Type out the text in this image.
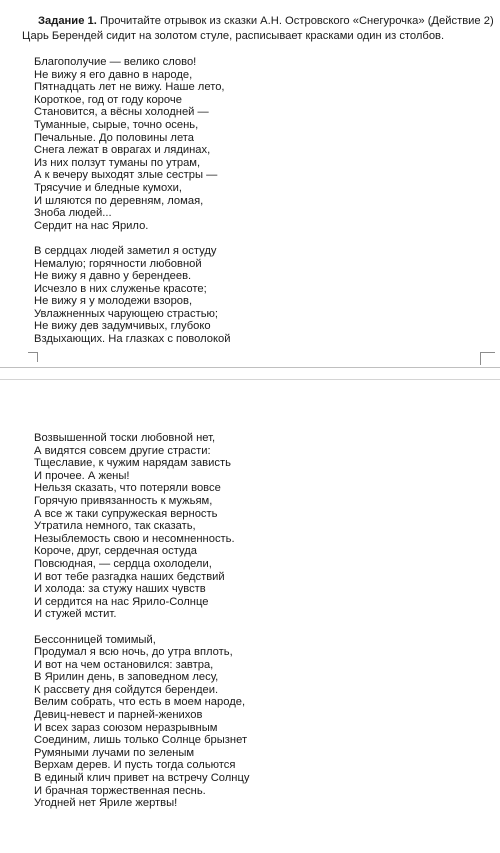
Задание 1. Прочитайте отрывок из сказки А.Н. Островского «Снегурочка» (Действие 2)
Царь Берендей сидит на золотом стуле, расписывает красками один из столбов.
Благополучие — велико слово!
Не вижу я его давно в народе,
Пятнадцать лет не вижу. Наше лето,
Короткое, год от году короче
Становится, а вёсны холодней —
Туманные, сырые, точно осень,
Печальные. До половины лета
Снега лежат в оврагах и лядинах,
Из них ползут туманы по утрам,
А к вечеру выходят злые сестры —
Трясучие и бледные кумохи,
И шляются по деревням, ломая,
Зноба людей...
Сердит на нас Ярило.
В сердцах людей заметил я остуду
Немалую; горячности любовной
Не вижу я давно у берендеев.
Исчезло в них служенье красоте;
Не вижу я у молодежи взоров,
Увлажненных чарующею страстью;
Не вижу дев задумчивых, глубоко
Вздыхающих. На глазках с поволокой
Возвышенной тоски любовной нет,
А видятся совсем другие страсти:
Тщеславие, к чужим нарядам зависть
И прочее. А жены!
Нельзя сказать, что потеряли вовсе
Горячую привязанность к мужьям,
А все ж таки супружеская верность
Утратила немного, так сказать,
Незыблемость свою и несомненность.
Короче, друг, сердечная остуда
Повсюдная, — сердца охолодели,
И вот тебе разгадка наших бедствий
И холода: за стужу наших чувств
И сердится на нас Ярило-Солнце
И стужей мстит.
Бессонницей томимый,
Продумал я всю ночь, до утра вплоть,
И вот на чем остановился: завтра,
В Ярилин день, в заповедном лесу,
К рассвету дня сойдутся берендеи.
Велим собрать, что есть в моем народе,
Девиц-невест и парней-женихов
И всех зараз союзом неразрывным
Соединим, лишь только Солнце брызнет
Румяными лучами по зеленым
Верхам дерев. И пусть тогда сольются
В единый клич привет на встречу Солнцу
И брачная торжественная песнь.
Угодней нет Яриле жертвы!
